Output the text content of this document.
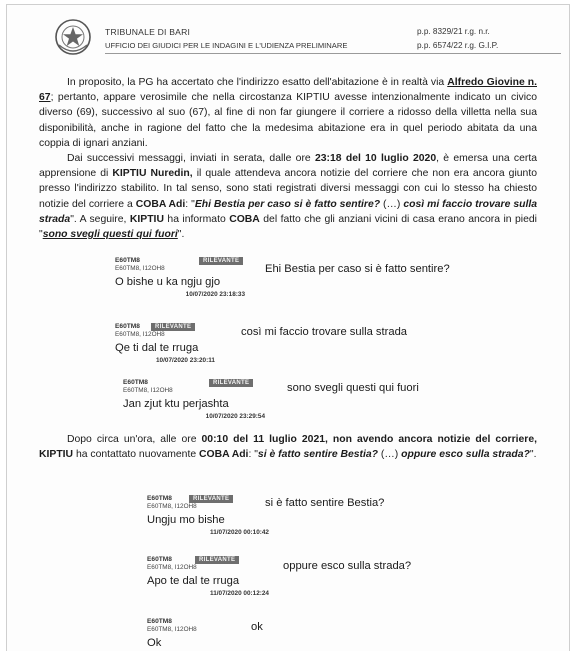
TRIBUNALE DI BARI
UFFICIO DEI GIUDICI PER LE INDAGINI E L'UDIENZA PRELIMINARE
p.p. 8329/21 r.g. n.r.
p.p. 6574/22 r.g. G.I.P.

In proposito, la PG ha accertato che l'indirizzo esatto dell'abitazione è in realtà via Alfredo Giovine n. 67; pertanto, appare verosimile che nella circostanza KIPTIU avesse intenzionalmente indicato un civico diverso (69), successivo al suo (67), al fine di non far giungere il corriere a ridosso della villetta nella sua disponibilità, anche in ragione del fatto che la medesima abitazione era in quel periodo abitata da una coppia di ignari anziani.

Dai successivi messaggi, inviati in serata, dalle ore 23:18 del 10 luglio 2020, è emersa una certa apprensione di KIPTIU Nuredin, il quale attendeva ancora notizie del corriere che non era ancora giunto presso l'indirizzo stabilito. In tal senso, sono stati registrati diversi messaggi con cui lo stesso ha chiesto notizie del corriere a COBA Adi: "Ehi Bestia per caso si è fatto sentire? (…) così mi faccio trovare sulla strada". A seguire, KIPTIU ha informato COBA del fatto che gli anziani vicini di casa erano ancora in piedi "sono svegli questi qui fuori".

E60TM8
E60TM8, I12OH8
RILEVANTE
O bishe u ka ngju gjo
10/07/2020 23:18:33
Ehi Bestia per caso si è fatto sentire?
E60TM8
E60TM8, I12OH8
RILEVANTE
Qe ti dal te rruga
10/07/2020 23:20:11
così mi faccio trovare sulla strada
E60TM8
E60TM8, I12OH8
RILEVANTE
Jan zjut ktu perjashta
10/07/2020 23:29:54
sono svegli questi qui fuori

Dopo circa un'ora, alle ore 00:10 del 11 luglio 2021, non avendo ancora notizie del corriere, KIPTIU ha contattato nuovamente COBA Adi: "si è fatto sentire Bestia? (…) oppure esco sulla strada?".

E60TM8
E60TM8, I12OH8
RILEVANTE
Ungju mo bishe
11/07/2020 00:10:42
si è fatto sentire Bestia?
E60TM8
E60TM8, I12OH8
RILEVANTE
Apo te dal te rruga
11/07/2020 00:12:24
oppure esco sulla strada?
E60TM8
E60TM8, I12OH8
Ok
ok
